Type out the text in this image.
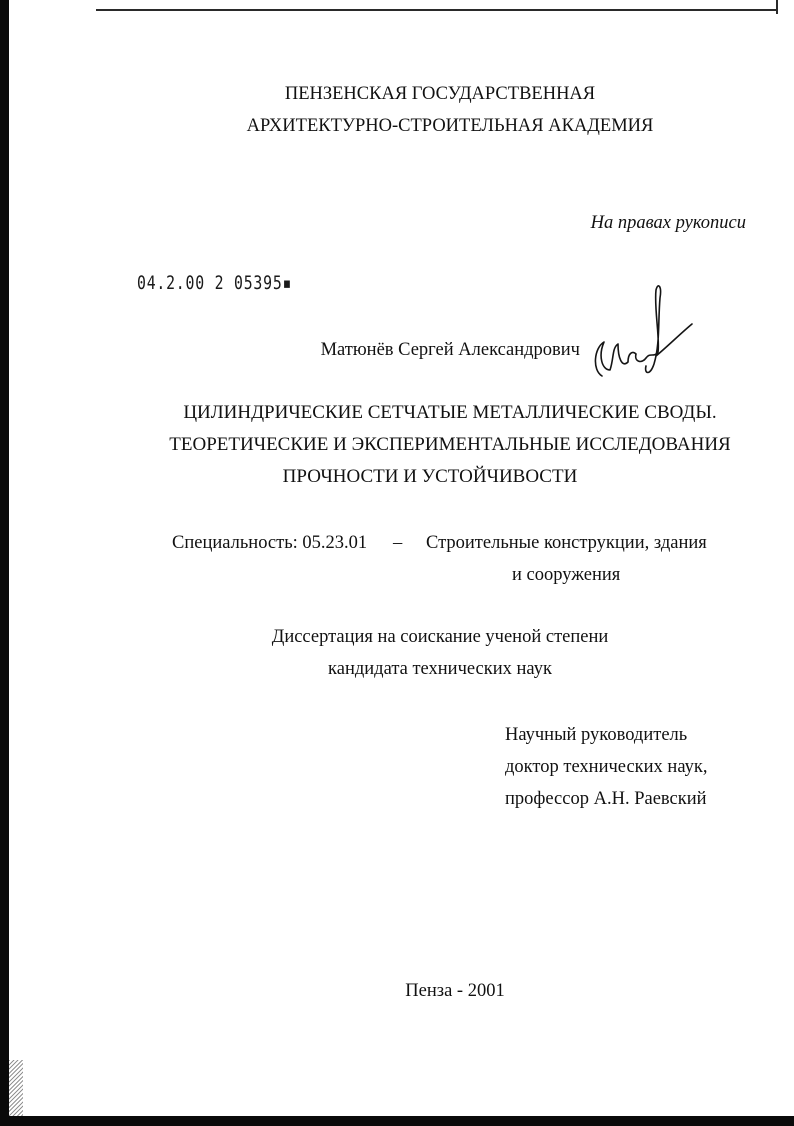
ПЕНЗЕНСКАЯ ГОСУДАРСТВЕННАЯ
АРХИТЕКТУРНО-СТРОИТЕЛЬНАЯ АКАДЕМИЯ
На правах рукописи
04.2.00 2 05395▪
Матюнёв Сергей Александрович
ЦИЛИНДРИЧЕСКИЕ СЕТЧАТЫЕ МЕТАЛЛИЧЕСКИЕ СВОДЫ.
ТЕОРЕТИЧЕСКИЕ И ЭКСПЕРИМЕНТАЛЬНЫЕ ИССЛЕДОВАНИЯ
ПРОЧНОСТИ И УСТОЙЧИВОСТИ
Специальность: 05.23.01 – Строительные конструкции, здания
и сооружения
Диссертация на соискание ученой степени
кандидата технических наук
Научный руководитель
доктор технических наук,
профессор А.Н. Раевский
Пенза - 2001
